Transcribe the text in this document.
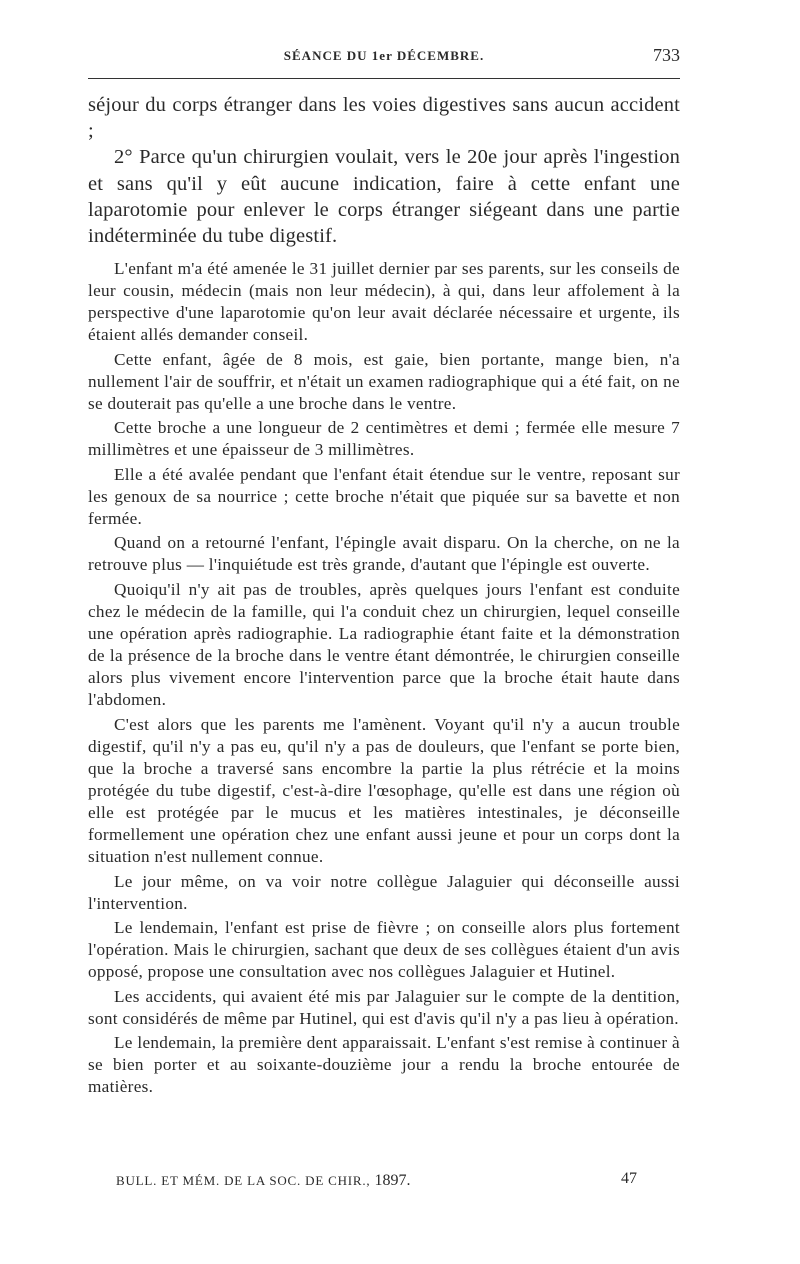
SÉANCE DU 1er DÉCEMBRE.	733

séjour du corps étranger dans les voies digestives sans aucun accident ;

2° Parce qu'un chirurgien voulait, vers le 20e jour après l'ingestion et sans qu'il y eût aucune indication, faire à cette enfant une laparotomie pour enlever le corps étranger siégeant dans une partie indéterminée du tube digestif.

L'enfant m'a été amenée le 31 juillet dernier par ses parents, sur les conseils de leur cousin, médecin (mais non leur médecin), à qui, dans leur affolement à la perspective d'une laparotomie qu'on leur avait déclarée nécessaire et urgente, ils étaient allés demander conseil.

Cette enfant, âgée de 8 mois, est gaie, bien portante, mange bien, n'a nullement l'air de souffrir, et n'était un examen radiographique qui a été fait, on ne se douterait pas qu'elle a une broche dans le ventre.

Cette broche a une longueur de 2 centimètres et demi ; fermée elle mesure 7 millimètres et une épaisseur de 3 millimètres.

Elle a été avalée pendant que l'enfant était étendue sur le ventre, reposant sur les genoux de sa nourrice ; cette broche n'était que piquée sur sa bavette et non fermée.

Quand on a retourné l'enfant, l'épingle avait disparu. On la cherche, on ne la retrouve plus — l'inquiétude est très grande, d'autant que l'épingle est ouverte.

Quoiqu'il n'y ait pas de troubles, après quelques jours l'enfant est conduite chez le médecin de la famille, qui l'a conduit chez un chirurgien, lequel conseille une opération après radiographie. La radiographie étant faite et la démonstration de la présence de la broche dans le ventre étant démontrée, le chirurgien conseille alors plus vivement encore l'intervention parce que la broche était haute dans l'abdomen.

C'est alors que les parents me l'amènent. Voyant qu'il n'y a aucun trouble digestif, qu'il n'y a pas eu, qu'il n'y a pas de douleurs, que l'enfant se porte bien, que la broche a traversé sans encombre la partie la plus rétrécie et la moins protégée du tube digestif, c'est-à-dire l'œsophage, qu'elle est dans une région où elle est protégée par le mucus et les matières intestinales, je déconseille formellement une opération chez une enfant aussi jeune et pour un corps dont la situation n'est nullement connue.

Le jour même, on va voir notre collègue Jalaguier qui déconseille aussi l'intervention.

Le lendemain, l'enfant est prise de fièvre ; on conseille alors plus fortement l'opération. Mais le chirurgien, sachant que deux de ses collègues étaient d'un avis opposé, propose une consultation avec nos collègues Jalaguier et Hutinel.

Les accidents, qui avaient été mis par Jalaguier sur le compte de la dentition, sont considérés de même par Hutinel, qui est d'avis qu'il n'y a pas lieu à opération.

Le lendemain, la première dent apparaissait. L'enfant s'est remise à continuer à se bien porter et au soixante-douzième jour a rendu la broche entourée de matières.

BULL. ET MÉM. DE LA SOC. DE CHIR., 1897.	47
